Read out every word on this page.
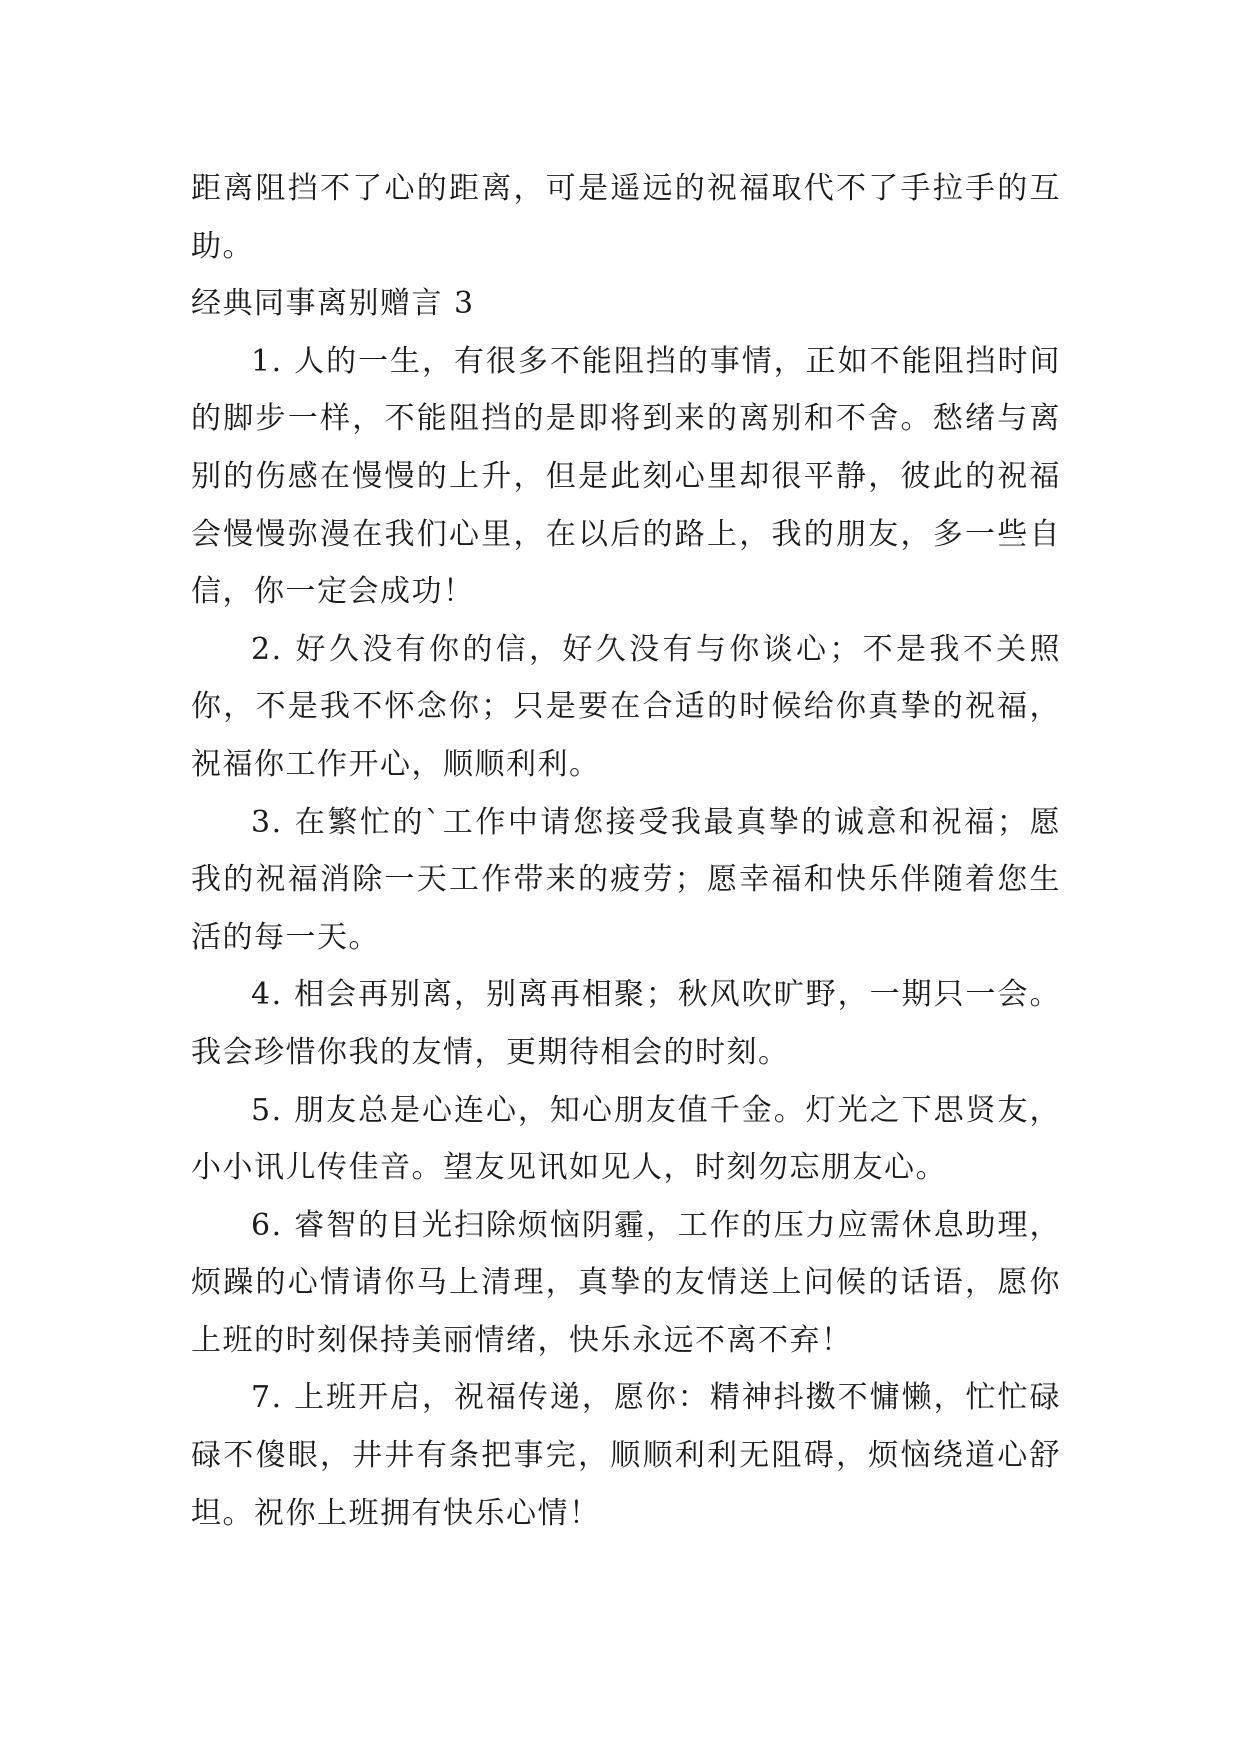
距离阻挡不了心的距离，可是遥远的祝福取代不了手拉手的互助。

经典同事离别赠言 3

1. 人的一生，有很多不能阻挡的事情，正如不能阻挡时间的脚步一样，不能阻挡的是即将到来的离别和不舍。愁绪与离别的伤感在慢慢的上升，但是此刻心里却很平静，彼此的祝福会慢慢弥漫在我们心里，在以后的路上，我的朋友，多一些自信，你一定会成功！

2. 好久没有你的信，好久没有与你谈心；不是我不关照你，不是我不怀念你；只是要在合适的时候给你真挚的祝福，祝福你工作开心，顺顺利利。

3. 在繁忙的`工作中请您接受我最真挚的诚意和祝福；愿我的祝福消除一天工作带来的疲劳；愿幸福和快乐伴随着您生活的每一天。

4. 相会再别离，别离再相聚；秋风吹旷野，一期只一会。我会珍惜你我的友情，更期待相会的时刻。

5. 朋友总是心连心，知心朋友值千金。灯光之下思贤友，小小讯儿传佳音。望友见讯如见人，时刻勿忘朋友心。

6. 睿智的目光扫除烦恼阴霾，工作的压力应需休息助理，烦躁的心情请你马上清理，真挚的友情送上问候的话语，愿你上班的时刻保持美丽情绪，快乐永远不离不弃！

7. 上班开启，祝福传递，愿你：精神抖擞不慵懒，忙忙碌碌不傻眼，井井有条把事完，顺顺利利无阻碍，烦恼绕道心舒坦。祝你上班拥有快乐心情！
